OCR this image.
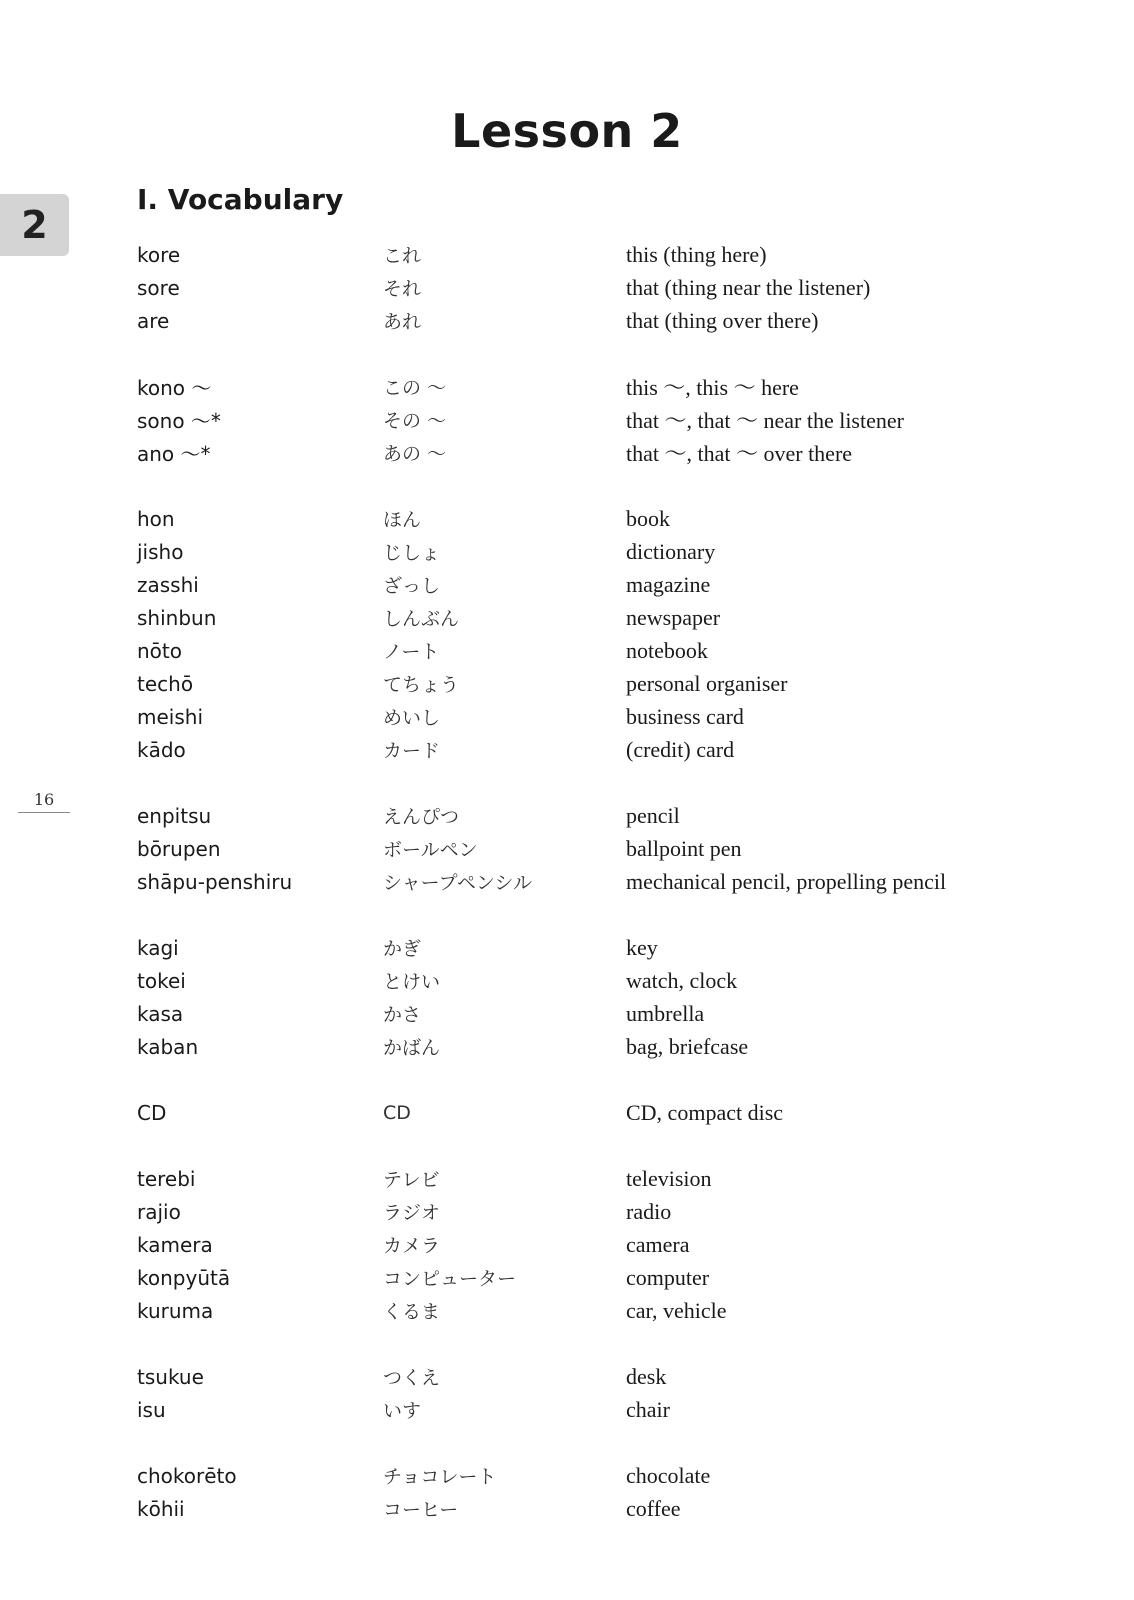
Lesson 2
2
16
I. Vocabulary
kore	これ	this (thing here)
sore	それ	that (thing near the listener)
are	あれ	that (thing over there)
kono ～	この ～	this ～, this ～ here
sono ～*	その ～	that ～, that ～ near the listener
ano ～*	あの ～	that ～, that ～ over there
hon	ほん	book
jisho	じしょ	dictionary
zasshi	ざっし	magazine
shinbun	しんぶん	newspaper
nōto	ノート	notebook
techō	てちょう	personal organiser
meishi	めいし	business card
kādo	カード	(credit) card
enpitsu	えんぴつ	pencil
bōrupen	ボールペン	ballpoint pen
shāpu-penshiru	シャープペンシル	mechanical pencil, propelling pencil
kagi	かぎ	key
tokei	とけい	watch, clock
kasa	かさ	umbrella
kaban	かばん	bag, briefcase
CD	CD	CD, compact disc
terebi	テレビ	television
rajio	ラジオ	radio
kamera	カメラ	camera
konpyūtā	コンピューター	computer
kuruma	くるま	car, vehicle
tsukue	つくえ	desk
isu	いす	chair
chokorēto	チョコレート	chocolate
kōhii	コーヒー	coffee
